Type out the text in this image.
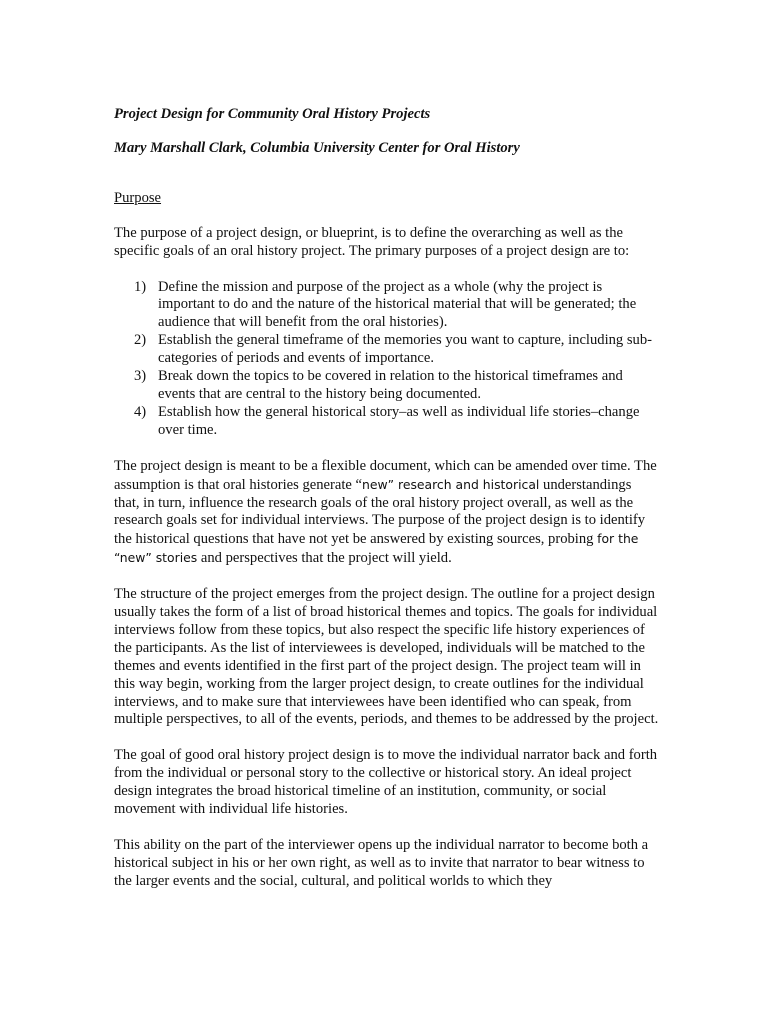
Project Design for Community Oral History Projects

Mary Marshall Clark, Columbia University Center for Oral History

Purpose

The purpose of a project design, or blueprint, is to define the overarching as well as the specific goals of an oral history project. The primary purposes of a project design are to:

1) Define the mission and purpose of the project as a whole (why the project is important to do and the nature of the historical material that will be generated; the audience that will benefit from the oral histories).
2) Establish the general timeframe of the memories you want to capture, including sub-categories of periods and events of importance.
3) Break down the topics to be covered in relation to the historical timeframes and events that are central to the history being documented.
4) Establish how the general historical story–as well as individual life stories–change over time.

The project design is meant to be a flexible document, which can be amended over time. The assumption is that oral histories generate “new” research and historical understandings that, in turn, influence the research goals of the oral history project overall, as well as the research goals set for individual interviews. The purpose of the project design is to identify the historical questions that have not yet be answered by existing sources, probing for the “new” stories and perspectives that the project will yield.

The structure of the project emerges from the project design. The outline for a project design usually takes the form of a list of broad historical themes and topics. The goals for individual interviews follow from these topics, but also respect the specific life history experiences of the participants. As the list of interviewees is developed, individuals will be matched to the themes and events identified in the first part of the project design. The project team will in this way begin, working from the larger project design, to create outlines for the individual interviews, and to make sure that interviewees have been identified who can speak, from multiple perspectives, to all of the events, periods, and themes to be addressed by the project.

The goal of good oral history project design is to move the individual narrator back and forth from the individual or personal story to the collective or historical story. An ideal project design integrates the broad historical timeline of an institution, community, or social movement with individual life histories.

This ability on the part of the interviewer opens up the individual narrator to become both a historical subject in his or her own right, as well as to invite that narrator to bear witness to the larger events and the social, cultural, and political worlds to which they
